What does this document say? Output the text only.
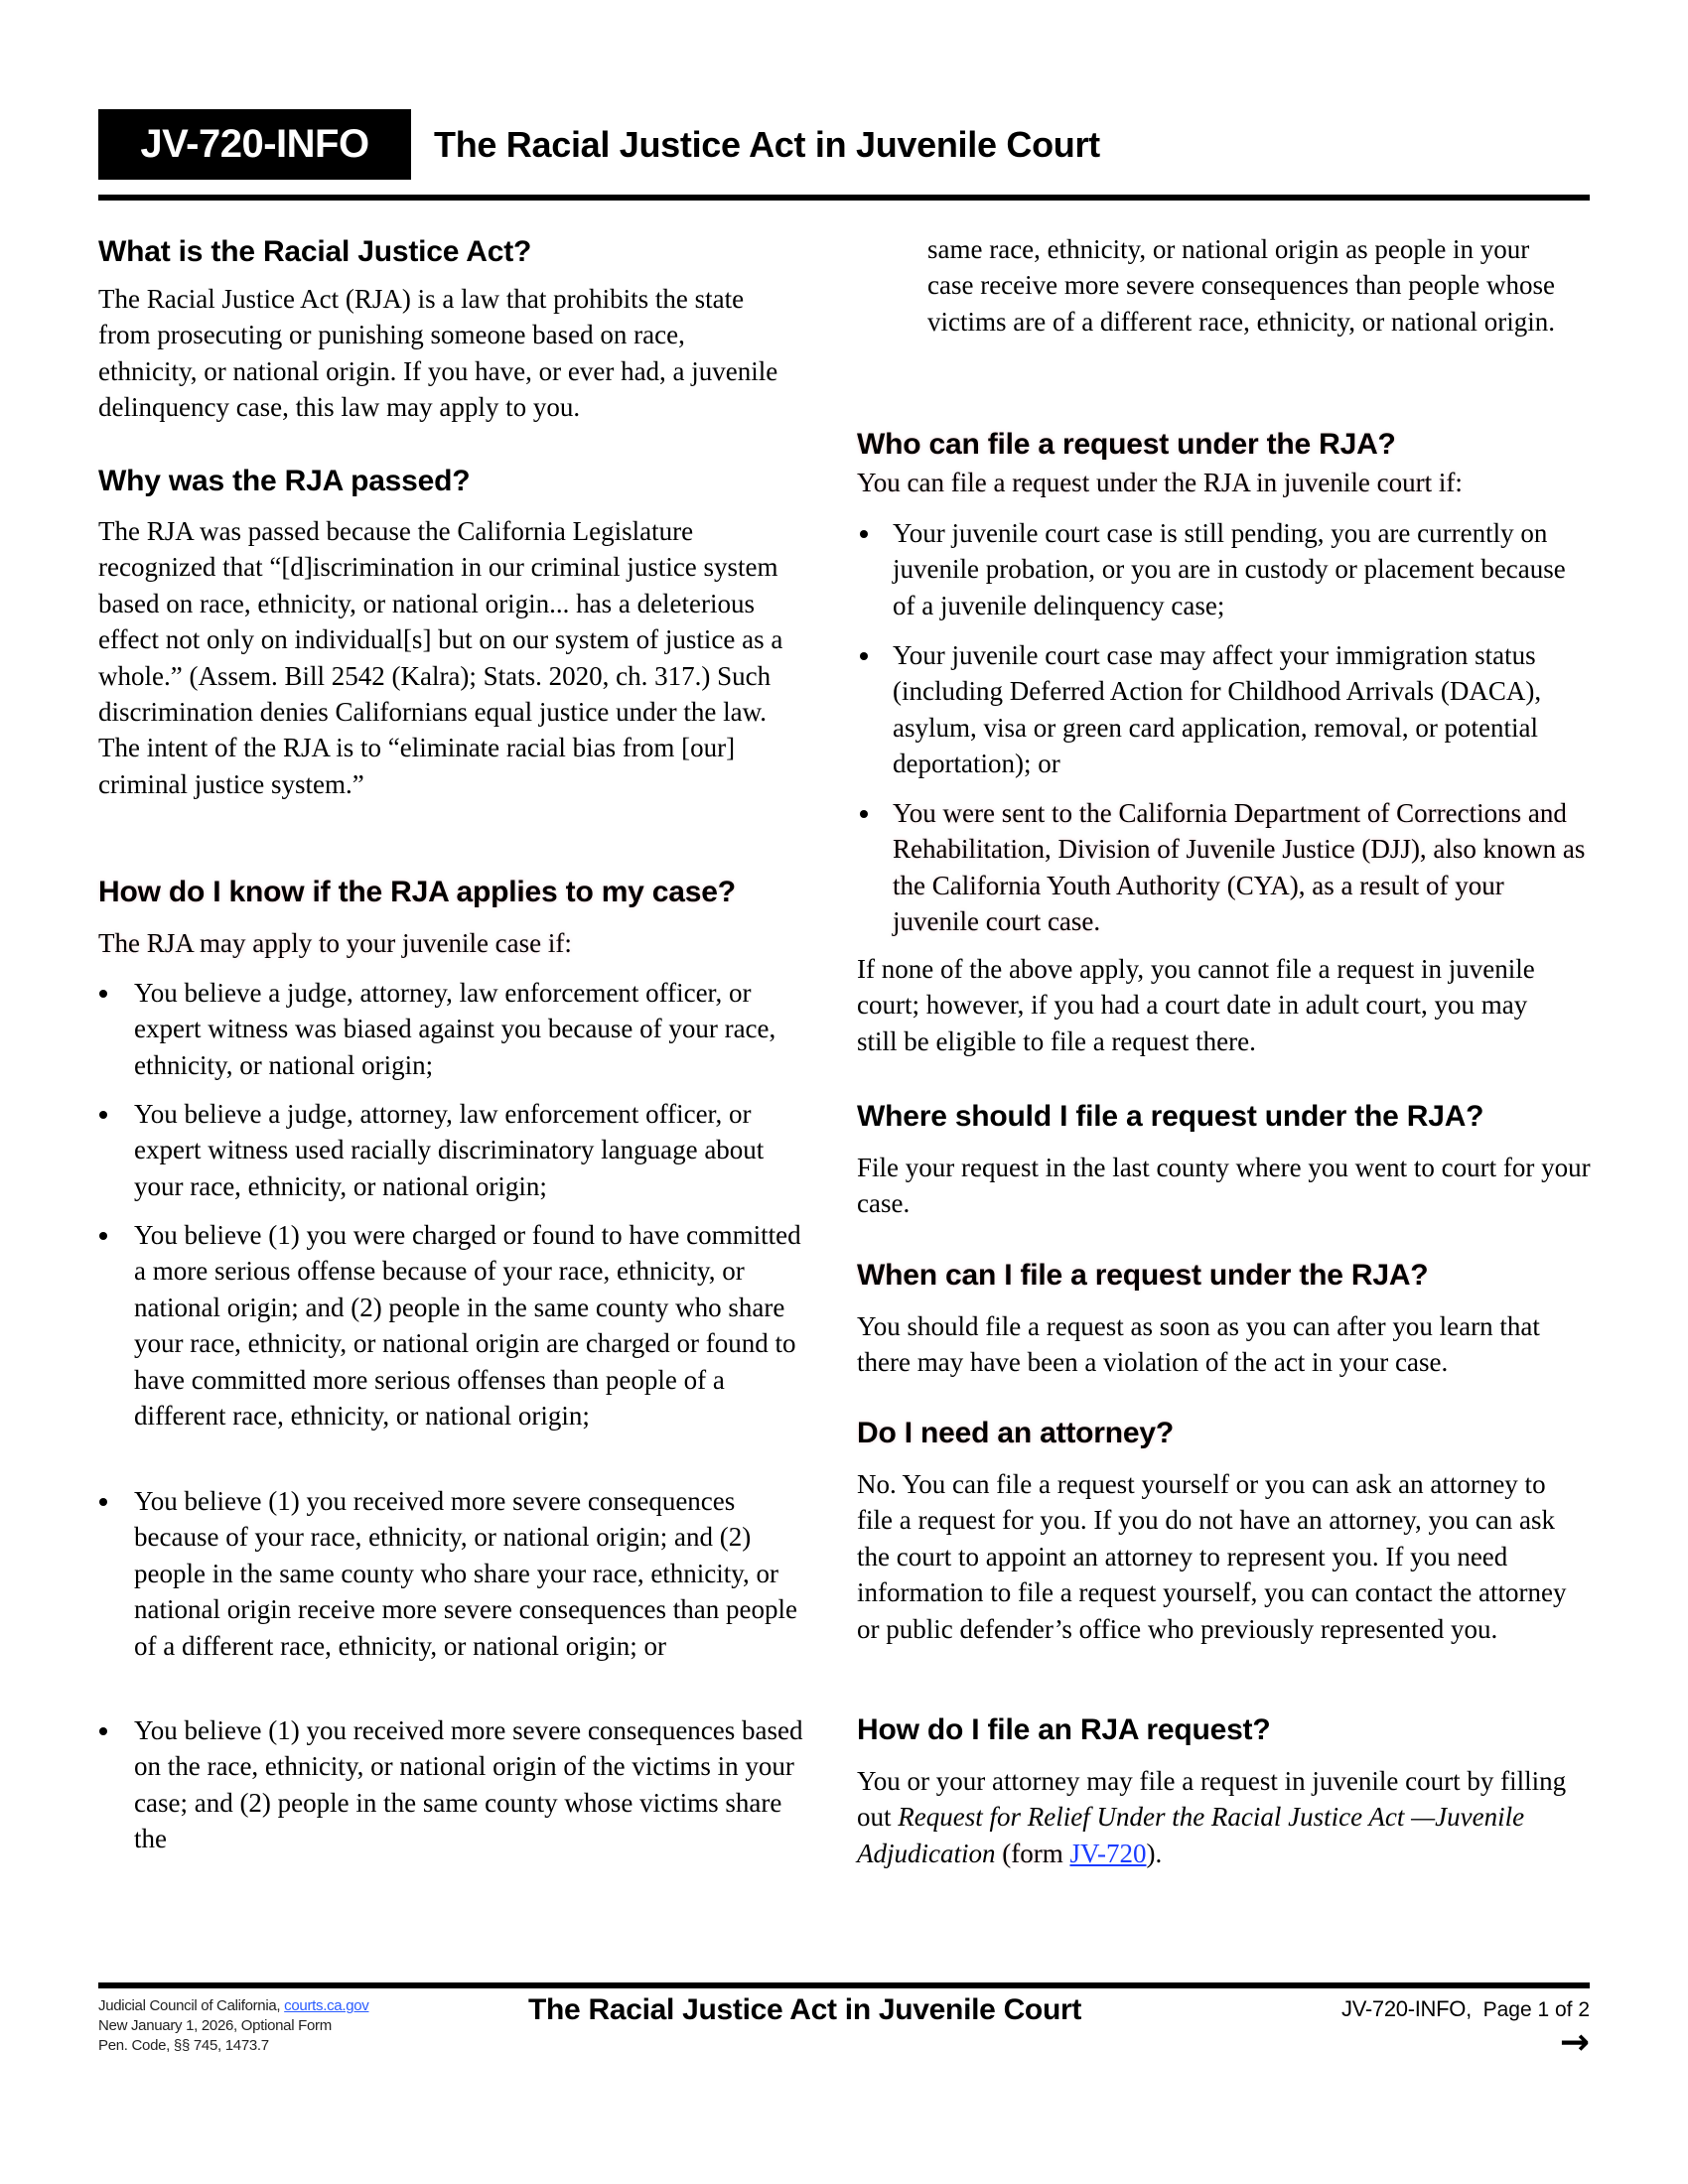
JV-720-INFO	The Racial Justice Act in Juvenile Court
What is the Racial Justice Act?

The Racial Justice Act (RJA) is a law that prohibits the state from prosecuting or punishing someone based on race, ethnicity, or national origin. If you have, or ever had, a juvenile delinquency case, this law may apply to you.

Why was the RJA passed?

The RJA was passed because the California Legislature recognized that “[d]iscrimination in our criminal justice system based on race, ethnicity, or national origin... has a deleterious effect not only on individual[s] but on our system of justice as a whole.” (Assem. Bill 2542 (Kalra); Stats. 2020, ch. 317.) Such discrimination denies Californians equal justice under the law. The intent of the RJA is to “eliminate racial bias from [our] criminal justice system.”

How do I know if the RJA applies to my case?

The RJA may apply to your juvenile case if:

You believe a judge, attorney, law enforcement officer, or expert witness was biased against you because of your race, ethnicity, or national origin;
You believe a judge, attorney, law enforcement officer, or expert witness used racially discriminatory language about your race, ethnicity, or national origin;
You believe (1) you were charged or found to have committed a more serious offense because of your race, ethnicity, or national origin; and (2) people in the same county who share your race, ethnicity, or national origin are charged or found to have committed more serious offenses than people of a different race, ethnicity, or national origin;
You believe (1) you received more severe consequences because of your race, ethnicity, or national origin; and (2) people in the same county who share your race, ethnicity, or national origin receive more severe consequences than people of a different race, ethnicity, or national origin; or
You believe (1) you received more severe consequences based on the race, ethnicity, or national origin of the victims in your case; and (2) people in the same county whose victims share the

same race, ethnicity, or national origin as people in your case receive more severe consequences than people whose victims are of a different race, ethnicity, or national origin.

Who can file a request under the RJA?

You can file a request under the RJA in juvenile court if:

Your juvenile court case is still pending, you are currently on juvenile probation, or you are in custody or placement because of a juvenile delinquency case;
Your juvenile court case may affect your immigration status (including Deferred Action for Childhood Arrivals (DACA), asylum, visa or green card application, removal, or potential deportation); or
You were sent to the California Department of Corrections and Rehabilitation, Division of Juvenile Justice (DJJ), also known as the California Youth Authority (CYA), as a result of your juvenile court case.

If none of the above apply, you cannot file a request in juvenile court; however, if you had a court date in adult court, you may still be eligible to file a request there.

Where should I file a request under the RJA?

File your request in the last county where you went to court for your case.

When can I file a request under the RJA?

You should file a request as soon as you can after you learn that there may have been a violation of the act in your case.

Do I need an attorney?

No. You can file a request yourself or you can ask an attorney to file a request for you. If you do not have an attorney, you can ask the court to appoint an attorney to represent you. If you need information to file a request yourself, you can contact the attorney or public defender’s office who previously represented you.

How do I file an RJA request?

You or your attorney may file a request in juvenile court by filling out Request for Relief Under the Racial Justice Act —Juvenile Adjudication (form JV-720).

Judicial Council of California, courts.ca.gov
New January 1, 2026, Optional Form
Pen. Code, §§ 745, 1473.7
The Racial Justice Act in Juvenile Court	JV-720-INFO, Page 1 of 2
→
